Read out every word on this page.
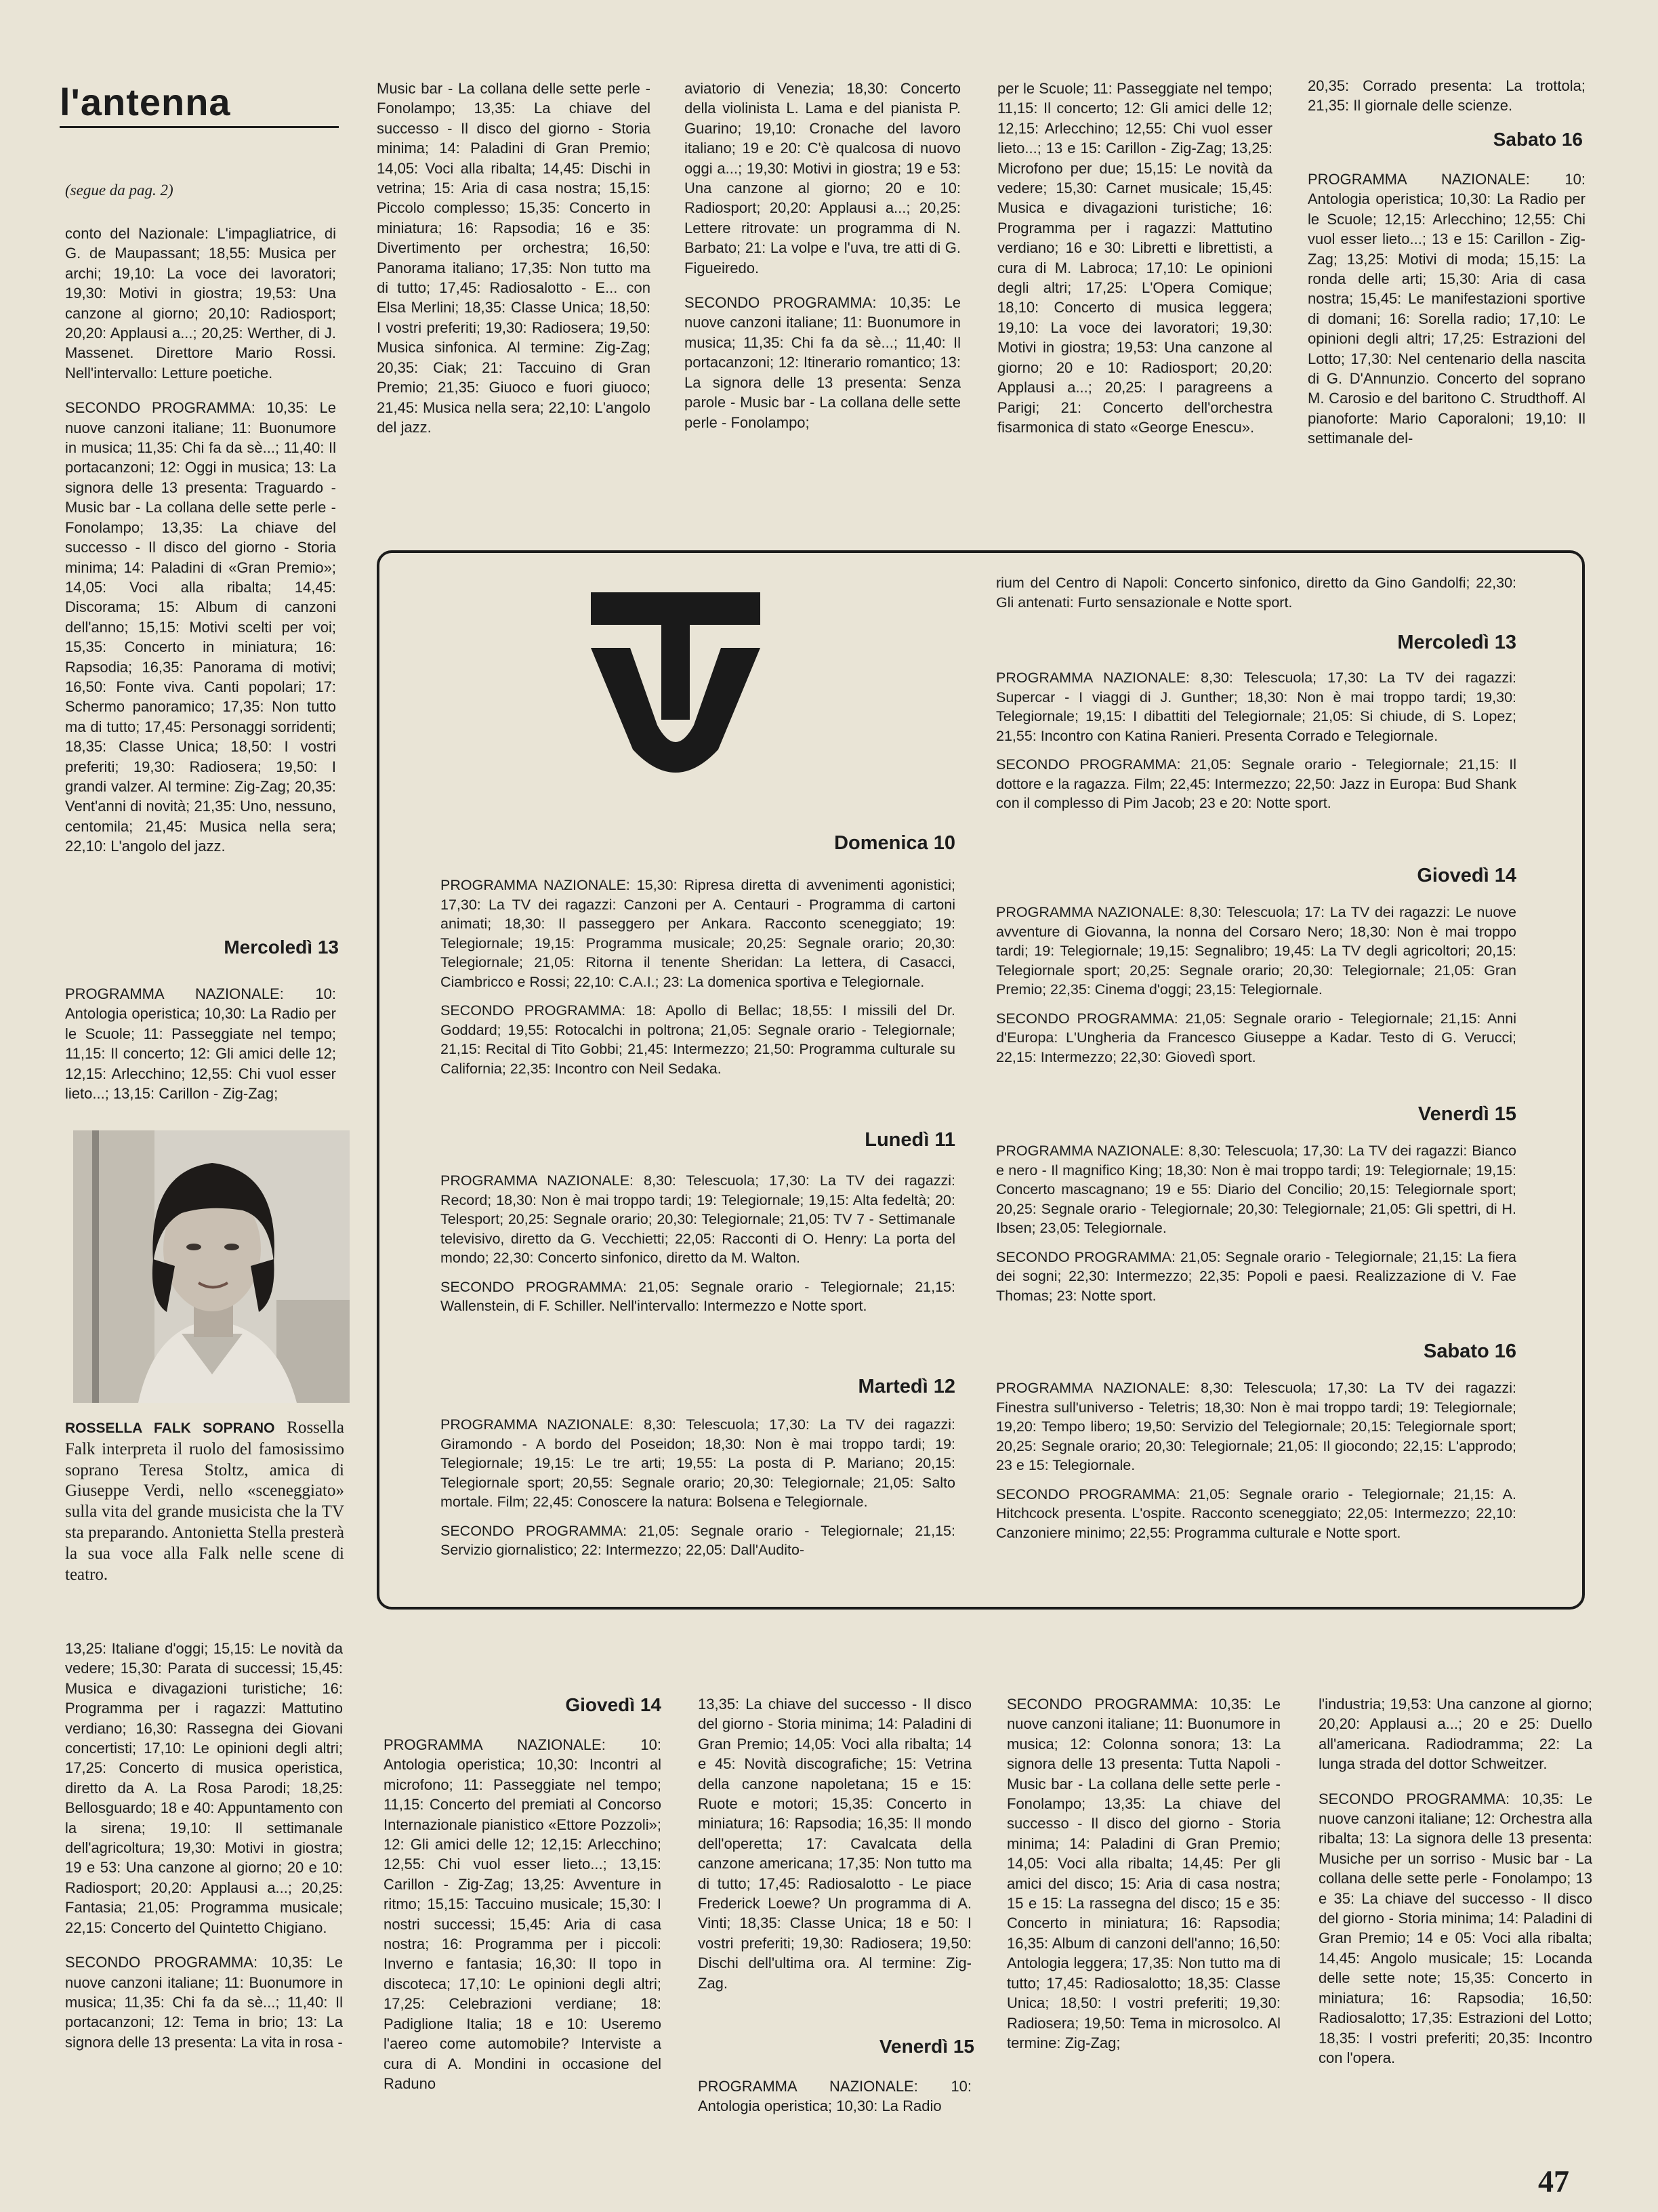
l'antenna
(segue da pag. 2)

conto del Nazionale: L'impagliatrice, di G. de Maupassant; 18,55: Musica per archi; 19,10: La voce dei lavoratori; 19,30: Motivi in giostra; 19,53: Una canzone al giorno; 20,10: Radiosport; 20,20: Applausi a...; 20,25: Werther, di J. Massenet. Direttore Mario Rossi. Nell'intervallo: Letture poetiche.

SECONDO PROGRAMMA: 10,35: Le nuove canzoni italiane; 11: Buonumore in musica; 11,35: Chi fa da sè...; 11,40: Il portacanzoni; 12: Oggi in musica; 13: La signora delle 13 presenta: Traguardo - Music bar - La collana delle sette perle - Fonolampo; 13,35: La chiave del successo - Il disco del giorno - Storia minima; 14: Paladini di «Gran Premio»; 14,05: Voci alla ribalta; 14,45: Discorama; 15: Album di canzoni dell'anno; 15,15: Motivi scelti per voi; 15,35: Concerto in miniatura; 16: Rapsodia; 16,35: Panorama di motivi; 16,50: Fonte viva. Canti popolari; 17: Schermo panoramico; 17,35: Non tutto ma di tutto; 17,45: Personaggi sorridenti; 18,35: Classe Unica; 18,50: I vostri preferiti; 19,30: Radiosera; 19,50: I grandi valzer. Al termine: Zig-Zag; 20,35: Vent'anni di novità; 21,35: Uno, nessuno, centomila; 21,45: Musica nella sera; 22,10: L'angolo del jazz.

Mercoledì 13
PROGRAMMA NAZIONALE: 10: Antologia operistica; 10,30: La Radio per le Scuole; 11: Passeggiate nel tempo; 11,15: Il concerto; 12: Gli amici delle 12; 12,15: Arlecchino; 12,55: Chi vuol esser lieto...; 13,15: Carillon - Zig-Zag;
ROSSELLA FALK SOPRANO Rossella Falk interpreta il ruolo del famosissimo soprano Teresa Stoltz, amica di Giuseppe Verdi, nello «sceneggiato» sulla vita del grande musicista che la TV sta preparando. Antonietta Stella presterà la sua voce alla Falk nelle scene di teatro.

13,25: Italiane d'oggi; 15,15: Le novità da vedere; 15,30: Parata di successi; 15,45: Musica e divagazioni turistiche; 16: Programma per i ragazzi: Mattutino verdiano; 16,30: Rassegna dei Giovani concertisti; 17,10: Le opinioni degli altri; 17,25: Concerto di musica operistica, diretto da A. La Rosa Parodi; 18,25: Bellosguardo; 18 e 40: Appuntamento con la sirena; 19,10: Il settimanale dell'agricoltura; 19,30: Motivi in giostra; 19 e 53: Una canzone al giorno; 20 e 10: Radiosport; 20,20: Applausi a...; 20,25: Fantasia; 21,05: Programma musicale; 22,15: Concerto del Quintetto Chigiano.

SECONDO PROGRAMMA: 10,35: Le nuove canzoni italiane; 11: Buonumore in musica; 11,35: Chi fa da sè...; 11,40: Il portacanzoni; 12: Tema in brio; 13: La signora delle 13 presenta: La vita in rosa -

Music bar - La collana delle sette perle - Fonolampo; 13,35: La chiave del successo - Il disco del giorno - Storia minima; 14: Paladini di Gran Premio; 14,05: Voci alla ribalta; 14,45: Dischi in vetrina; 15: Aria di casa nostra; 15,15: Piccolo complesso; 15,35: Concerto in miniatura; 16: Rapsodia; 16 e 35: Divertimento per orchestra; 16,50: Panorama italiano; 17,35: Non tutto ma di tutto; 17,45: Radiosalotto - E... con Elsa Merlini; 18,35: Classe Unica; 18,50: I vostri preferiti; 19,30: Radiosera; 19,50: Musica sinfonica. Al termine: Zig-Zag; 20,35: Ciak; 21: Taccuino di Gran Premio; 21,35: Giuoco e fuori giuoco; 21,45: Musica nella sera; 22,10: L'angolo del jazz.

aviatorio di Venezia; 18,30: Concerto della violinista L. Lama e del pianista P. Guarino; 19,10: Cronache del lavoro italiano; 19 e 20: C'è qualcosa di nuovo oggi a...; 19,30: Motivi in giostra; 19 e 53: Una canzone al giorno; 20 e 10: Radiosport; 20,20: Applausi a...; 20,25: Lettere ritrovate: un programma di N. Barbato; 21: La volpe e l'uva, tre atti di G. Figueiredo.

SECONDO PROGRAMMA: 10,35: Le nuove canzoni italiane; 11: Buonumore in musica; 11,35: Chi fa da sè...; 11,40: Il portacanzoni; 12: Itinerario romantico; 13: La signora delle 13 presenta: Senza parole - Music bar - La collana delle sette perle - Fonolampo;

per le Scuole; 11: Passeggiate nel tempo; 11,15: Il concerto; 12: Gli amici delle 12; 12,15: Arlecchino; 12,55: Chi vuol esser lieto...; 13 e 15: Carillon - Zig-Zag; 13,25: Microfono per due; 15,15: Le novità da vedere; 15,30: Carnet musicale; 15,45: Musica e divagazioni turistiche; 16: Programma per i ragazzi: Mattutino verdiano; 16 e 30: Libretti e librettisti, a cura di M. Labroca; 17,10: Le opinioni degli altri; 17,25: L'Opera Comique; 18,10: Concerto di musica leggera; 19,10: La voce dei lavoratori; 19,30: Motivi in giostra; 19,53: Una canzone al giorno; 20 e 10: Radiosport; 20,20: Applausi a...; 20,25: I paragreens a Parigi; 21: Concerto dell'orchestra fisarmonica di stato «George Enescu».
20,35: Corrado presenta: La trottola; 21,35: Il giornale delle scienze.
Sabato 16
PROGRAMMA NAZIONALE: 10: Antologia operistica; 10,30: La Radio per le Scuole; 12,15: Arlecchino; 12,55: Chi vuol esser lieto...; 13 e 15: Carillon - Zig-Zag; 13,25: Motivi di moda; 15,15: La ronda delle arti; 15,30: Aria di casa nostra; 15,45: Le manifestazioni sportive di domani; 16: Sorella radio; 17,10: Le opinioni degli altri; 17,25: Estrazioni del Lotto; 17,30: Nel centenario della nascita di G. D'Annunzio. Concerto del soprano M. Carosio e del baritono C. Strudthoff. Al pianoforte: Mario Caporaloni; 19,10: Il settimanale del-
Domenica 10

PROGRAMMA NAZIONALE: 15,30: Ripresa diretta di avvenimenti agonistici; 17,30: La TV dei ragazzi: Canzoni per A. Centauri - Programma di cartoni animati; 18,30: Il passeggero per Ankara. Racconto sceneggiato; 19: Telegiornale; 19,15: Programma musicale; 20,25: Segnale orario; 20,30: Telegiornale; 21,05: Ritorna il tenente Sheridan: La lettera, di Casacci, Ciambricco e Rossi; 22,10: C.A.I.; 23: La domenica sportiva e Telegiornale.

SECONDO PROGRAMMA: 18: Apollo di Bellac; 18,55: I missili del Dr. Goddard; 19,55: Rotocalchi in poltrona; 21,05: Segnale orario - Telegiornale; 21,15: Recital di Tito Gobbi; 21,45: Intermezzo; 21,50: Programma culturale su California; 22,35: Incontro con Neil Sedaka.

Lunedì 11

PROGRAMMA NAZIONALE: 8,30: Telescuola; 17,30: La TV dei ragazzi: Record; 18,30: Non è mai troppo tardi; 19: Telegiornale; 19,15: Alta fedeltà; 20: Telesport; 20,25: Segnale orario; 20,30: Telegiornale; 21,05: TV 7 - Settimanale televisivo, diretto da G. Vecchietti; 22,05: Racconti di O. Henry: La porta del mondo; 22,30: Concerto sinfonico, diretto da M. Walton.

SECONDO PROGRAMMA: 21,05: Segnale orario - Telegiornale; 21,15: Wallenstein, di F. Schiller. Nell'intervallo: Intermezzo e Notte sport.

Martedì 12

PROGRAMMA NAZIONALE: 8,30: Telescuola; 17,30: La TV dei ragazzi: Giramondo - A bordo del Poseidon; 18,30: Non è mai troppo tardi; 19: Telegiornale; 19,15: Le tre arti; 19,55: La posta di P. Mariano; 20,15: Telegiornale sport; 20,55: Segnale orario; 20,30: Telegiornale; 21,05: Salto mortale. Film; 22,45: Conoscere la natura: Bolsena e Telegiornale.

SECONDO PROGRAMMA: 21,05: Segnale orario - Telegiornale; 21,15: Servizio giornalistico; 22: Intermezzo; 22,05: Dall'Audito-

rium del Centro di Napoli: Concerto sinfonico, diretto da Gino Gandolfi; 22,30: Gli antenati: Furto sensazionale e Notte sport.
Mercoledì 13

PROGRAMMA NAZIONALE: 8,30: Telescuola; 17,30: La TV dei ragazzi: Supercar - I viaggi di J. Gunther; 18,30: Non è mai troppo tardi; 19,30: Telegiornale; 19,15: I dibattiti del Telegiornale; 21,05: Si chiude, di S. Lopez; 21,55: Incontro con Katina Ranieri. Presenta Corrado e Telegiornale.

SECONDO PROGRAMMA: 21,05: Segnale orario - Telegiornale; 21,15: Il dottore e la ragazza. Film; 22,45: Intermezzo; 22,50: Jazz in Europa: Bud Shank con il complesso di Pim Jacob; 23 e 20: Notte sport.

Giovedì 14

PROGRAMMA NAZIONALE: 8,30: Telescuola; 17: La TV dei ragazzi: Le nuove avventure di Giovanna, la nonna del Corsaro Nero; 18,30: Non è mai troppo tardi; 19: Telegiornale; 19,15: Segnalibro; 19,45: La TV degli agricoltori; 20,15: Telegiornale sport; 20,25: Segnale orario; 20,30: Telegiornale; 21,05: Gran Premio; 22,35: Cinema d'oggi; 23,15: Telegiornale.

SECONDO PROGRAMMA: 21,05: Segnale orario - Telegiornale; 21,15: Anni d'Europa: L'Ungheria da Francesco Giuseppe a Kadar. Testo di G. Verucci; 22,15: Intermezzo; 22,30: Giovedì sport.

Venerdì 15

PROGRAMMA NAZIONALE: 8,30: Telescuola; 17,30: La TV dei ragazzi: Bianco e nero - Il magnifico King; 18,30: Non è mai troppo tardi; 19: Telegiornale; 19,15: Concerto mascagnano; 19 e 55: Diario del Concilio; 20,15: Telegiornale sport; 20,25: Segnale orario - Telegiornale; 20,30: Telegiornale; 21,05: Gli spettri, di H. Ibsen; 23,05: Telegiornale.

SECONDO PROGRAMMA: 21,05: Segnale orario - Telegiornale; 21,15: La fiera dei sogni; 22,30: Intermezzo; 22,35: Popoli e paesi. Realizzazione di V. Fae Thomas; 23: Notte sport.

Sabato 16

PROGRAMMA NAZIONALE: 8,30: Telescuola; 17,30: La TV dei ragazzi: Finestra sull'universo - Teletris; 18,30: Non è mai troppo tardi; 19: Telegiornale; 19,20: Tempo libero; 19,50: Servizio del Telegiornale; 20,15: Telegiornale sport; 20,25: Segnale orario; 20,30: Telegiornale; 21,05: Il giocondo; 22,15: L'approdo; 23 e 15: Telegiornale.

SECONDO PROGRAMMA: 21,05: Segnale orario - Telegiornale; 21,15: A. Hitchcock presenta. L'ospite. Racconto sceneggiato; 22,05: Intermezzo; 22,10: Canzoniere minimo; 22,55: Programma culturale e Notte sport.

Giovedì 14
PROGRAMMA NAZIONALE: 10: Antologia operistica; 10,30: Incontri al microfono; 11: Passeggiate nel tempo; 11,15: Concerto del premiati al Concorso Internazionale pianistico «Ettore Pozzoli»; 12: Gli amici delle 12; 12,15: Arlecchino; 12,55: Chi vuol esser lieto...; 13,15: Carillon - Zig-Zag; 13,25: Avventure in ritmo; 15,15: Taccuino musicale; 15,30: I nostri successi; 15,45: Aria di casa nostra; 16: Programma per i piccoli: Inverno e fantasia; 16,30: Il topo in discoteca; 17,10: Le opinioni degli altri; 17,25: Celebrazioni verdiane; 18: Padiglione Italia; 18 e 10: Useremo l'aereo come automobile? Interviste a cura di A. Mondini in occasione del Raduno
13,35: La chiave del successo - Il disco del giorno - Storia minima; 14: Paladini di Gran Premio; 14,05: Voci alla ribalta; 14 e 45: Novità discografiche; 15: Vetrina della canzone napoletana; 15 e 15: Ruote e motori; 15,35: Concerto in miniatura; 16: Rapsodia; 16,35: Il mondo dell'operetta; 17: Cavalcata della canzone americana; 17,35: Non tutto ma di tutto; 17,45: Radiosalotto - Le piace Frederick Loewe? Un programma di A. Vinti; 18,35: Classe Unica; 18 e 50: I vostri preferiti; 19,30: Radiosera; 19,50: Dischi dell'ultima ora. Al termine: Zig-Zag.
Venerdì 15
PROGRAMMA NAZIONALE: 10: Antologia operistica; 10,30: La Radio
SECONDO PROGRAMMA: 10,35: Le nuove canzoni italiane; 11: Buonumore in musica; 12: Colonna sonora; 13: La signora delle 13 presenta: Tutta Napoli - Music bar - La collana delle sette perle - Fonolampo; 13,35: La chiave del successo - Il disco del giorno - Storia minima; 14: Paladini di Gran Premio; 14,05: Voci alla ribalta; 14,45: Per gli amici del disco; 15: Aria di casa nostra; 15 e 15: La rassegna del disco; 15 e 35: Concerto in miniatura; 16: Rapsodia; 16,35: Album di canzoni dell'anno; 16,50: Antologia leggera; 17,35: Non tutto ma di tutto; 17,45: Radiosalotto; 18,35: Classe Unica; 18,50: I vostri preferiti; 19,30: Radiosera; 19,50: Tema in microsolco. Al termine: Zig-Zag;

l'industria; 19,53: Una canzone al giorno; 20,20: Applausi a...; 20 e 25: Duello all'americana. Radiodramma; 22: La lunga strada del dottor Schweitzer.

SECONDO PROGRAMMA: 10,35: Le nuove canzoni italiane; 12: Orchestra alla ribalta; 13: La signora delle 13 presenta: Musiche per un sorriso - Music bar - La collana delle sette perle - Fonolampo; 13 e 35: La chiave del successo - Il disco del giorno - Storia minima; 14: Paladini di Gran Premio; 14 e 05: Voci alla ribalta; 14,45: Angolo musicale; 15: Locanda delle sette note; 15,35: Concerto in miniatura; 16: Rapsodia; 16,50: Radiosalotto; 17,35: Estrazioni del Lotto; 18,35: I vostri preferiti; 20,35: Incontro con l'opera.

47
